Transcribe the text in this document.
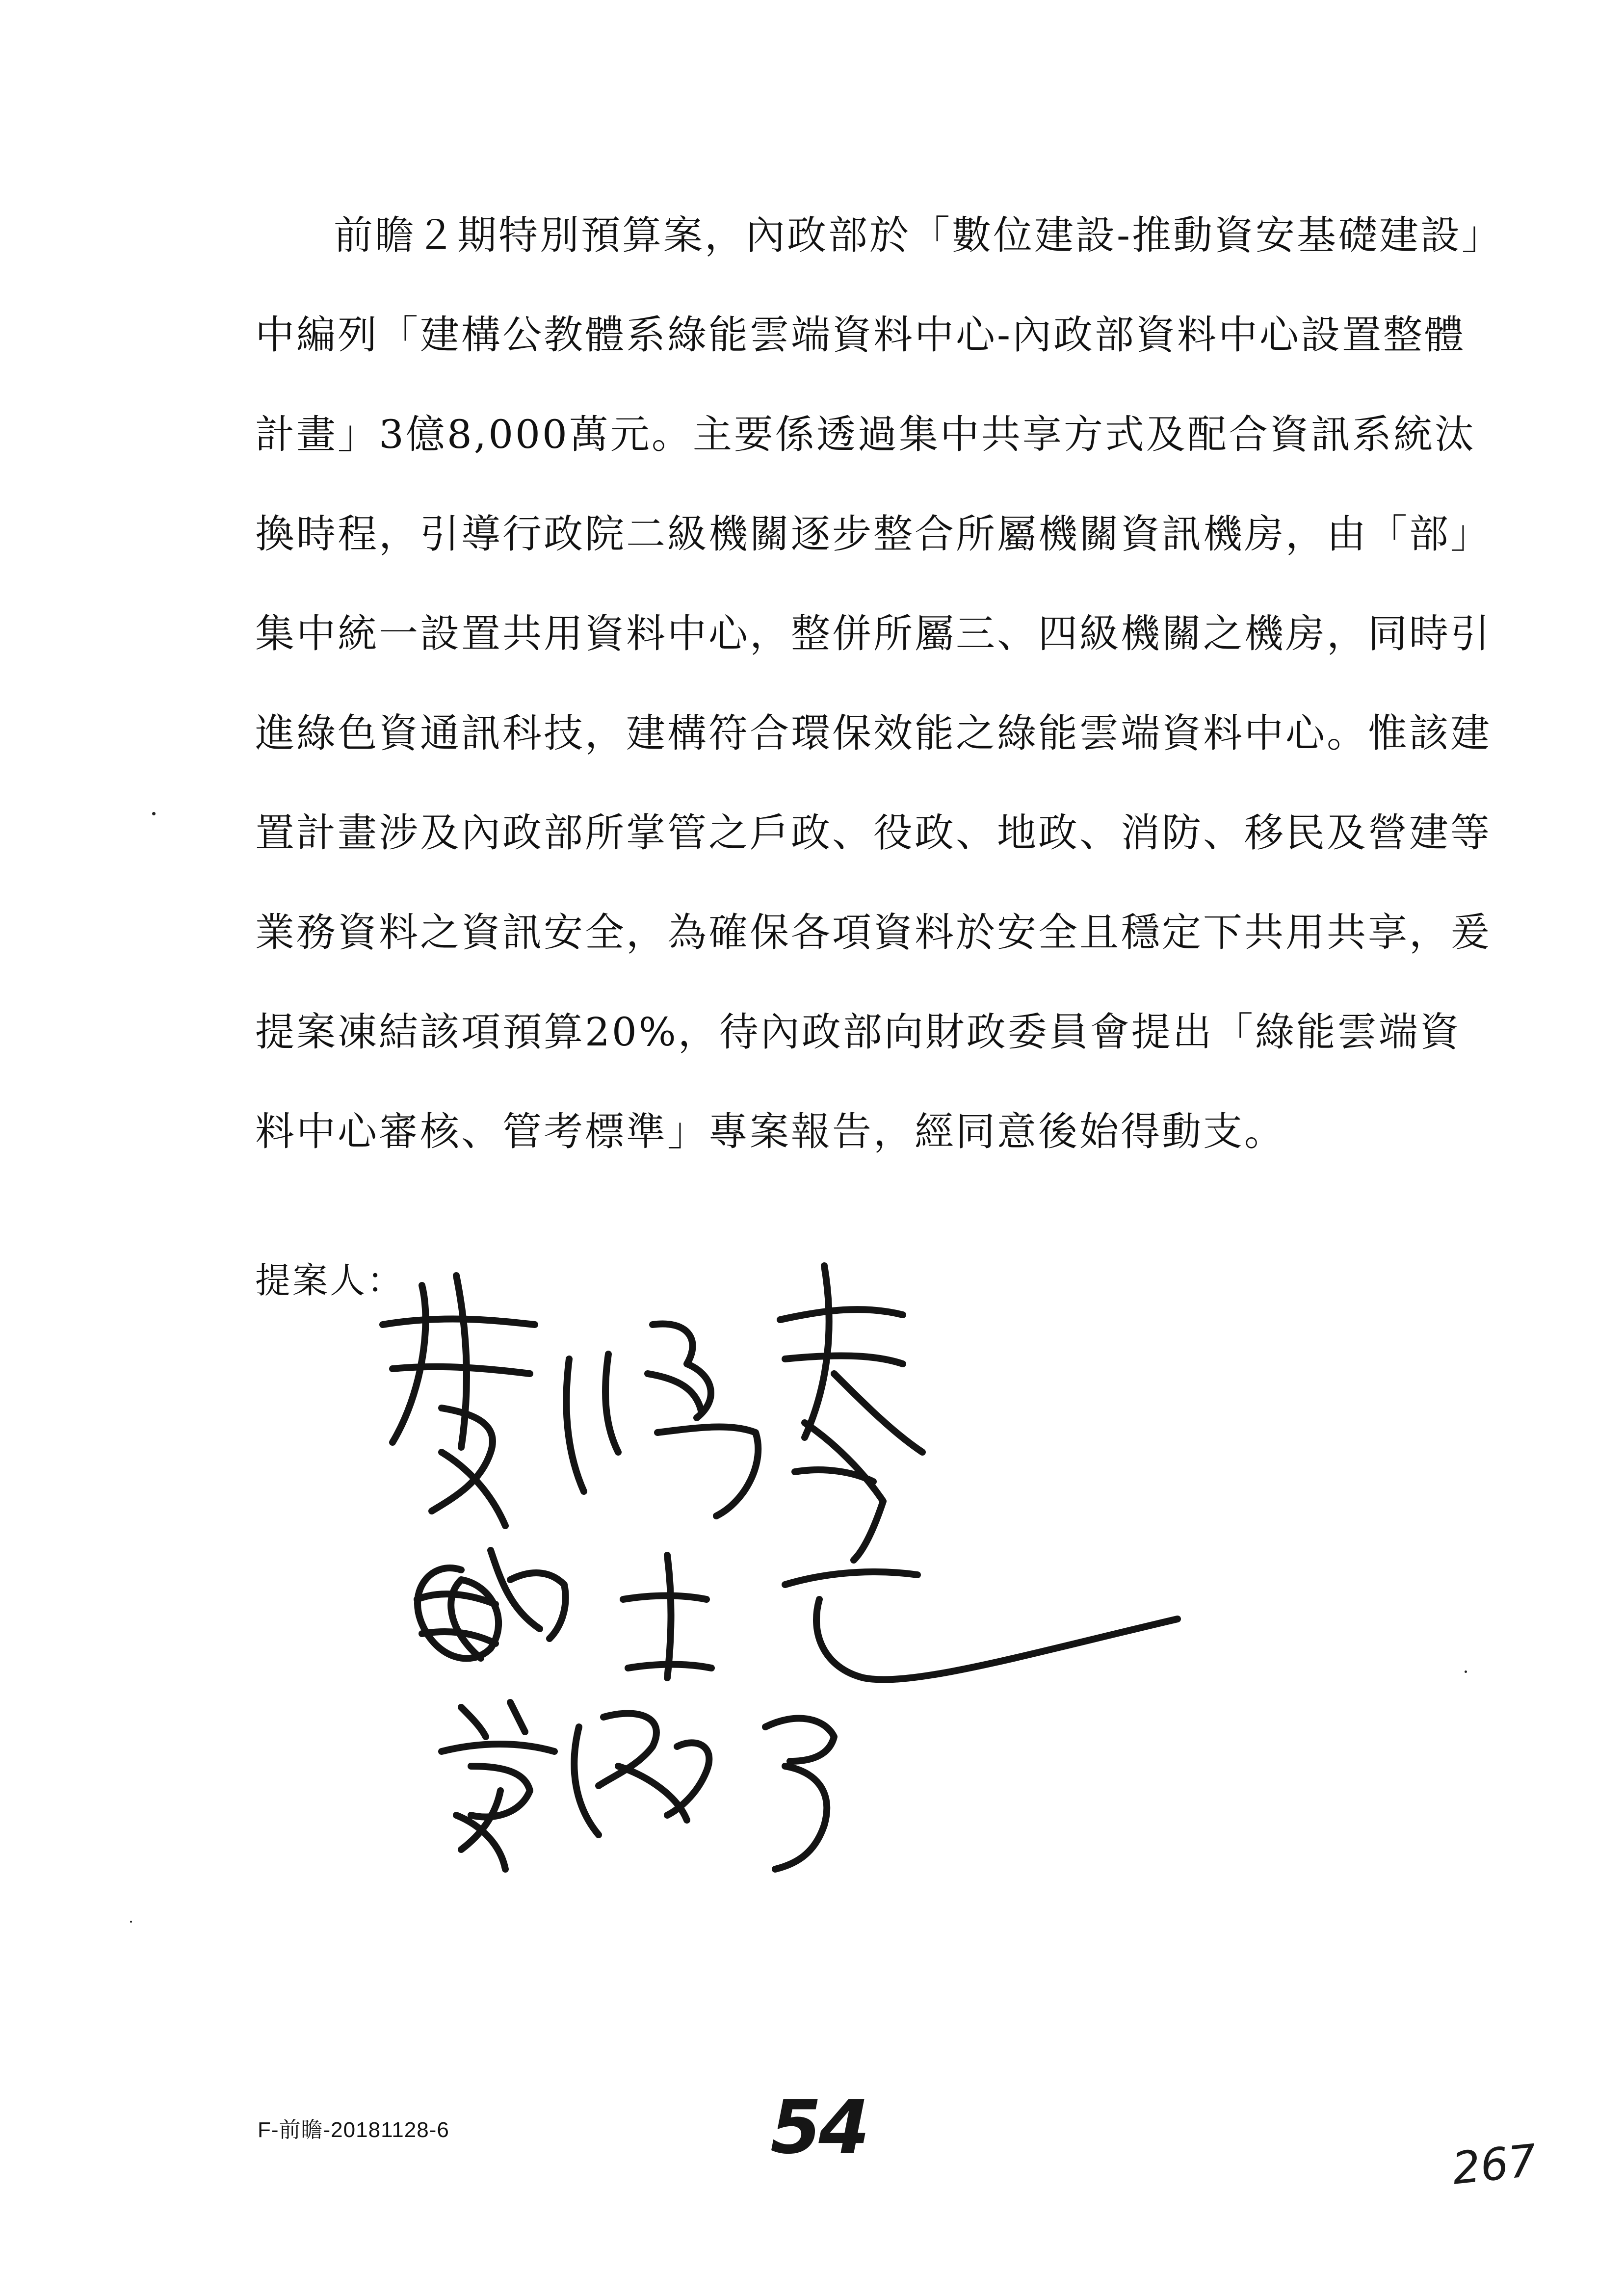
前瞻２期特別預算案，內政部於「數位建設-推動資安基礎建設」
中編列「建構公教體系綠能雲端資料中心-內政部資料中心設置整體
計畫」3億8,000萬元。主要係透過集中共享方式及配合資訊系統汰
換時程，引導行政院二級機關逐步整合所屬機關資訊機房，由「部」
集中統一設置共用資料中心，整併所屬三、四級機關之機房，同時引
進綠色資通訊科技，建構符合環保效能之綠能雲端資料中心。惟該建
置計畫涉及內政部所掌管之戶政、役政、地政、消防、移民及營建等
業務資料之資訊安全，為確保各項資料於安全且穩定下共用共享，爰
提案凍結該項預算20%，待內政部向財政委員會提出「綠能雲端資
料中心審核、管考標準」專案報告，經同意後始得動支。
提案人：
F-前瞻-20181128-6	54	267
